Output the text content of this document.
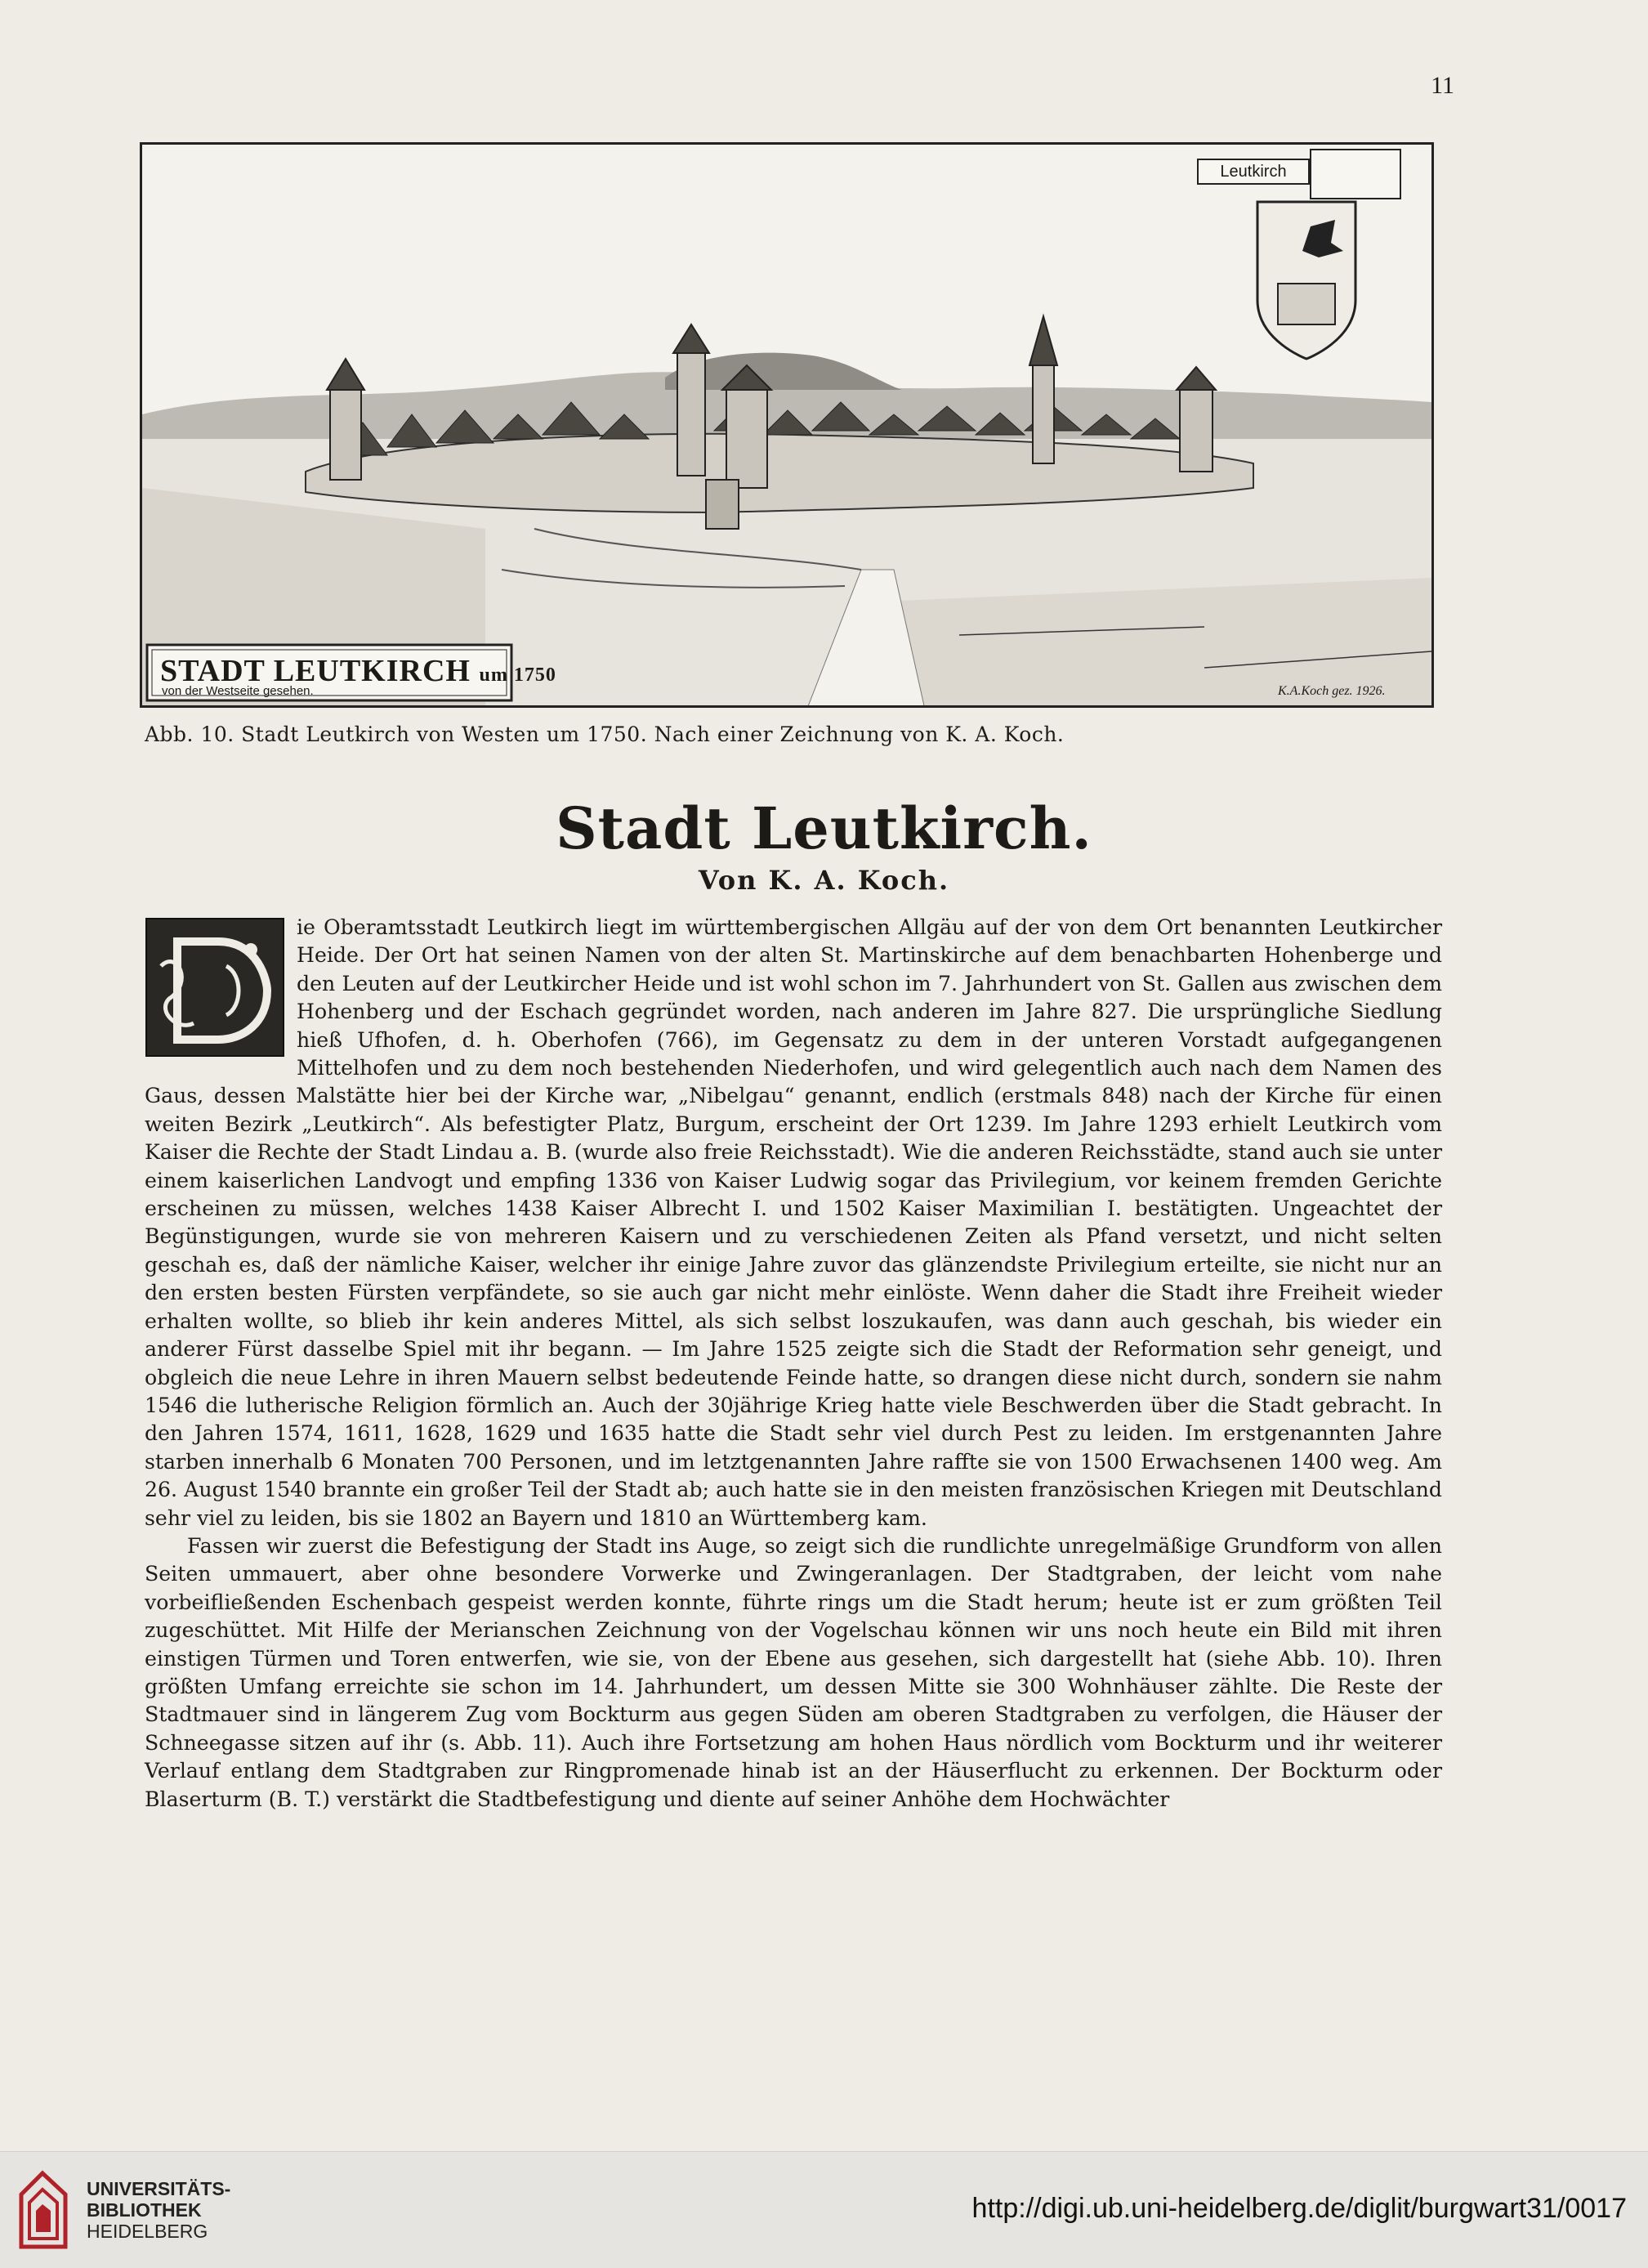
11
Leutkirch
STADT LEUTKIRCH um 1750
von der Westseite gesehen.	K.A.Koch gez. 1926.
Abb. 10. Stadt Leutkirch von Westen um 1750. Nach einer Zeichnung von K. A. Koch.
Stadt Leutkirch.
Von K. A. Koch.

ie Oberamtsstadt Leutkirch liegt im württembergischen Allgäu auf der von dem Ort benannten Leutkircher Heide. Der Ort hat seinen Namen von der alten St. Martinskirche auf dem benachbarten Hohenberge und den Leuten auf der Leutkircher Heide und ist wohl schon im 7. Jahrhundert von St. Gallen aus zwischen dem Hohenberg und der Eschach gegründet worden, nach anderen im Jahre 827. Die ursprüngliche Siedlung hieß Ufhofen, d. h. Oberhofen (766), im Gegensatz zu dem in der unteren Vorstadt aufgegangenen Mittelhofen und zu dem noch bestehenden Niederhofen, und wird gelegentlich auch nach dem Namen des Gaus, dessen Malstätte hier bei der Kirche war, „Nibelgau“ genannt, endlich (erstmals 848) nach der Kirche für einen weiten Bezirk „Leutkirch“. Als befestigter Platz, Burgum, erscheint der Ort 1239. Im Jahre 1293 erhielt Leutkirch vom Kaiser die Rechte der Stadt Lindau a. B. (wurde also freie Reichsstadt). Wie die anderen Reichsstädte, stand auch sie unter einem kaiserlichen Landvogt und empfing 1336 von Kaiser Ludwig sogar das Privilegium, vor keinem fremden Gerichte erscheinen zu müssen, welches 1438 Kaiser Albrecht I. und 1502 Kaiser Maximilian I. bestätigten. Ungeachtet der Begünstigungen, wurde sie von mehreren Kaisern und zu verschiedenen Zeiten als Pfand versetzt, und nicht selten geschah es, daß der nämliche Kaiser, welcher ihr einige Jahre zuvor das glänzendste Privilegium erteilte, sie nicht nur an den ersten besten Fürsten verpfändete, so sie auch gar nicht mehr einlöste. Wenn daher die Stadt ihre Freiheit wieder erhalten wollte, so blieb ihr kein anderes Mittel, als sich selbst loszukaufen, was dann auch geschah, bis wieder ein anderer Fürst dasselbe Spiel mit ihr begann. — Im Jahre 1525 zeigte sich die Stadt der Reformation sehr geneigt, und obgleich die neue Lehre in ihren Mauern selbst bedeutende Feinde hatte, so drangen diese nicht durch, sondern sie nahm 1546 die lutherische Religion förmlich an. Auch der 30jährige Krieg hatte viele Beschwerden über die Stadt gebracht. In den Jahren 1574, 1611, 1628, 1629 und 1635 hatte die Stadt sehr viel durch Pest zu leiden. Im erstgenannten Jahre starben innerhalb 6 Monaten 700 Personen, und im letztgenannten Jahre raffte sie von 1500 Erwachsenen 1400 weg. Am 26. August 1540 brannte ein großer Teil der Stadt ab; auch hatte sie in den meisten französischen Kriegen mit Deutschland sehr viel zu leiden, bis sie 1802 an Bayern und 1810 an Württemberg kam.

Fassen wir zuerst die Befestigung der Stadt ins Auge, so zeigt sich die rundlichte unregelmäßige Grundform von allen Seiten ummauert, aber ohne besondere Vorwerke und Zwingeranlagen. Der Stadtgraben, der leicht vom nahe vorbeifließenden Eschenbach gespeist werden konnte, führte rings um die Stadt herum; heute ist er zum größten Teil zugeschüttet. Mit Hilfe der Merianschen Zeichnung von der Vogelschau können wir uns noch heute ein Bild mit ihren einstigen Türmen und Toren entwerfen, wie sie, von der Ebene aus gesehen, sich dargestellt hat (siehe Abb. 10). Ihren größten Umfang erreichte sie schon im 14. Jahrhundert, um dessen Mitte sie 300 Wohnhäuser zählte. Die Reste der Stadtmauer sind in längerem Zug vom Bockturm aus gegen Süden am oberen Stadtgraben zu verfolgen, die Häuser der Schneegasse sitzen auf ihr (s. Abb. 11). Auch ihre Fortsetzung am hohen Haus nördlich vom Bockturm und ihr weiterer Verlauf entlang dem Stadtgraben zur Ringpromenade hinab ist an der Häuserflucht zu erkennen. Der Bockturm oder Blaserturm (B. T.) verstärkt die Stadtbefestigung und diente auf seiner Anhöhe dem Hochwächter

UNIVERSITÄTS-
BIBLIOTHEK
HEIDELBERG
http://digi.ub.uni-heidelberg.de/diglit/burgwart31/0017
